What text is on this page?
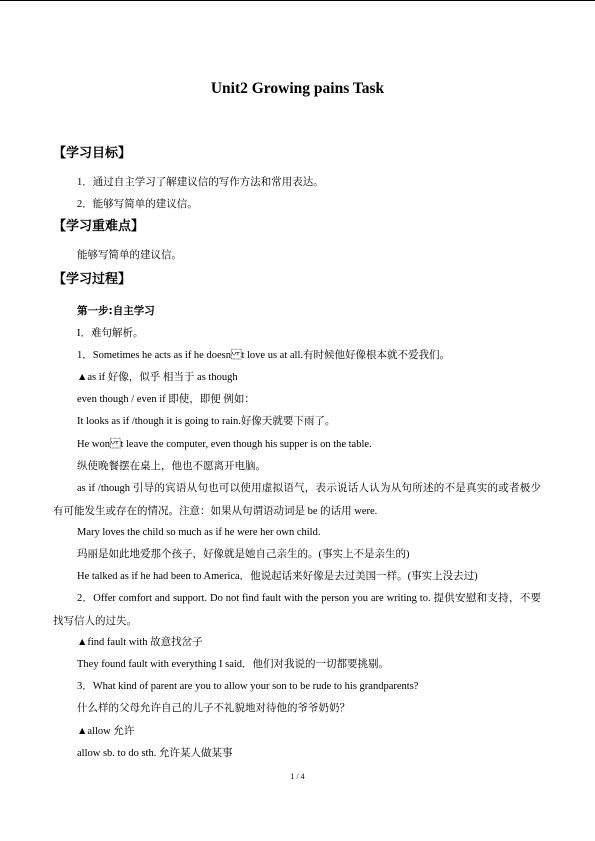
Unit2 Growing pains Task
【学习目标】
1．通过自主学习了解建议信的写作方法和常用表达。
2．能够写简单的建议信。
【学习重难点】
能够写简单的建议信。
【学习过程】
第一步:自主学习
I．难句解析。
1．Sometimes he acts as if he doesnt love us at all.有时候他好像根本就不爱我们。
▲as if 好像，似乎 相当于 as though
even though / even if 即使，即便 例如：
It looks as if /though it is going to rain.好像天就要下雨了。
He wont leave the computer, even though his supper is on the table.
纵使晚餐摆在桌上，他也不愿离开电脑。
as if /though 引导的宾语从句也可以使用虚拟语气，表示说话人认为从句所述的不是真实的或者极少有可能发生或存在的情况。注意：如果从句谓语动词是 be 的话用 were.
Mary loves the child so much as if he were her own child.
玛丽是如此地爱那个孩子，好像就是她自己亲生的。(事实上不是亲生的)
He talked as if he had been to America．他说起话来好像是去过美国一样。(事实上没去过)
2．Offer comfort and support. Do not find fault with the person you are writing to. 提供安慰和支持，不要找写信人的过失。
▲find fault with 故意找岔子
They found fault with everything I said．他们对我说的一切都要挑剔。
3．What kind of parent are you to allow your son to be rude to his grandparents?
什么样的父母允许自己的儿子不礼貌地对待他的爷爷奶奶？
▲allow 允许
allow sb. to do sth. 允许某人做某事
1 / 4
